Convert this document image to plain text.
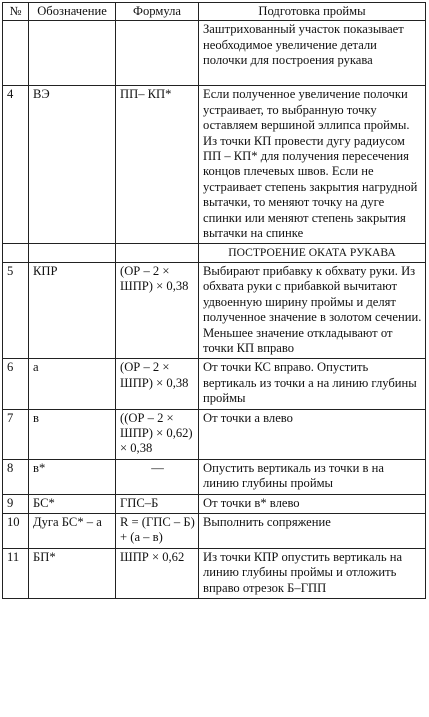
№	Обозначение	Формула	Подготовка проймы
			Заштрихованный участок показывает необходимое увеличение детали полочки для построения рукава
4	ВЭ	ПП– КП*	Если полученное увеличение полочки устраивает, то выбранную точку оставляем вершиной эллипса проймы. Из точки КП провести дугу радиусом ПП – КП* для получения пересечения концов плечевых швов. Если не устраивает степень закрытия нагрудной вытачки, то меняют точку на дуге спинки или меняют степень закрытия вытачки на спинке
			ПОСТРОЕНИЕ ОКАТА РУКАВА
5	КПР	(ОР – 2 × ШПР) × 0,38	Выбирают прибавку к обхвату руки. Из обхвата руки с прибавкой вычитают удвоенную ширину проймы и делят полученное значение в золотом сечении. Меньшее значение откладывают от точки КП вправо
6	а	(ОР – 2 × ШПР) × 0,38	От точки КС вправо. Опустить вертикаль из точки а на линию глубины проймы
7	в	((ОР – 2 × ШПР) × 0,62) × 0,38	От точки а влево
8	в*	—	Опустить вертикаль из точки в на линию глубины проймы
9	БС*	ГПС–Б	От точки в* влево
10	Дуга БС* – а	R = (ГПС – Б) + (а – в)	Выполнить сопряжение
11	БП*	ШПР × 0,62	Из точки КПР опустить вертикаль на линию глубины проймы и отложить вправо отрезок Б–ГПП
